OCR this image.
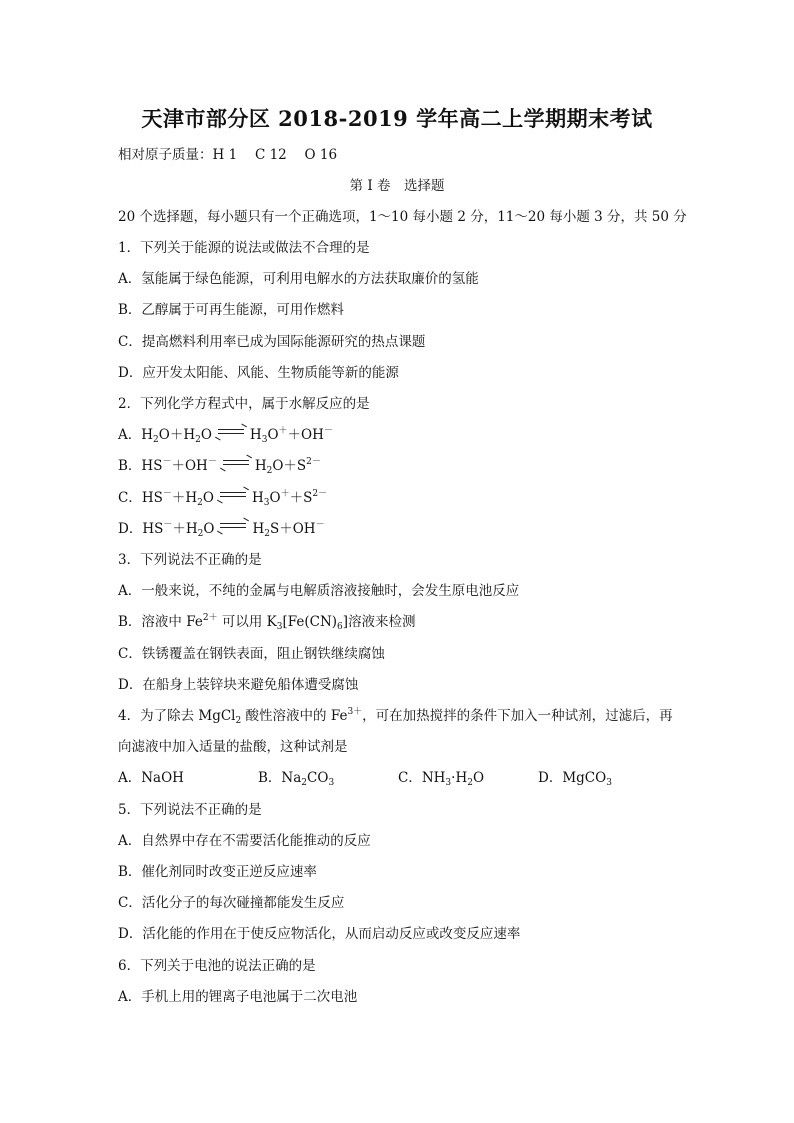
天津市部分区 2018-2019 学年高二上学期期末考试
相对原子质量：H 1　 C 12　 O 16
第 I 卷　选择题
20 个选择题，每小题只有一个正确选项，1～10 每小题 2 分，11～20 每小题 3 分，共 50 分
1．下列关于能源的说法或做法不合理的是
A．氢能属于绿色能源，可利用电解水的方法获取廉价的氢能
B．乙醇属于可再生能源，可用作燃料
C．提高燃料利用率已成为国际能源研究的热点课题
D．应开发太阳能、风能、生物质能等新的能源
2．下列化学方程式中，属于水解反应的是
A．$H_2O+H_2O \to H_3O^++OH^-$
B．$HS^-+OH^- \to H_2O+S^{2-}$
C．$HS^-+H_2O \to H_3O^++S^{2-}$
D．$HS^-+H_2O \to H_2S+OH^-$
3．下列说法不正确的是
A．一般来说，不纯的金属与电解质溶液接触时，会发生原电池反应
B．溶液中 $Fe^{2+}$ 可以用 $K_3[Fe(CN)_6]$溶液来检测
C．铁锈覆盖在钢铁表面，阻止钢铁继续腐蚀
D．在船身上装锌块来避免船体遭受腐蚀
4．为了除去 MgCl$_2$ 酸性溶液中的 $Fe^{3+}$，可在加热搅拌的条件下加入一种试剂，过滤后，再
向滤液中加入适量的盐酸，这种试剂是
A．NaOH	B．$Na_2CO_3$	C．$NH_3\cdot H_2O$	D．MgCO$_3$
5．下列说法不正确的是
A．自然界中存在不需要活化能推动的反应
B．催化剂同时改变正逆反应速率
C．活化分子的每次碰撞都能发生反应
D．活化能的作用在于使反应物活化，从而启动反应或改变反应速率
6．下列关于电池的说法正确的是
A．手机上用的锂离子电池属于二次电池
